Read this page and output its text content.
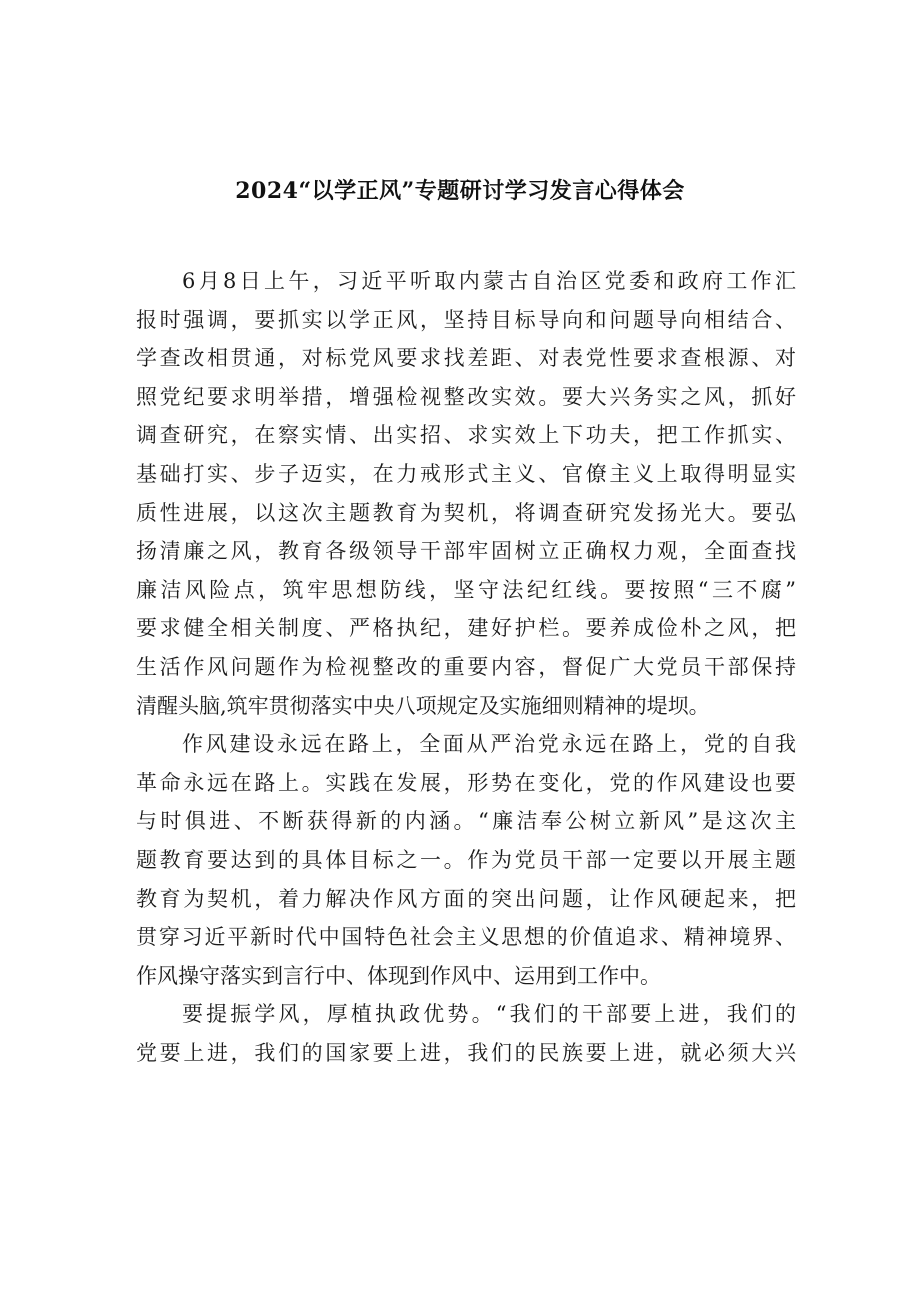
2024“以学正风”专题研讨学习发言心得体会
6月8日上午，习近平听取内蒙古自治区党委和政府工作汇
报时强调，要抓实以学正风，坚持目标导向和问题导向相结合、
学查改相贯通，对标党风要求找差距、对表党性要求查根源、对
照党纪要求明举措，增强检视整改实效。要大兴务实之风，抓好
调查研究，在察实情、出实招、求实效上下功夫，把工作抓实、
基础打实、步子迈实，在力戒形式主义、官僚主义上取得明显实
质性进展，以这次主题教育为契机，将调查研究发扬光大。要弘
扬清廉之风，教育各级领导干部牢固树立正确权力观，全面查找
廉洁风险点，筑牢思想防线，坚守法纪红线。要按照“三不腐”
要求健全相关制度、严格执纪，建好护栏。要养成俭朴之风，把
生活作风问题作为检视整改的重要内容，督促广大党员干部保持
清醒头脑,筑牢贯彻落实中央八项规定及实施细则精神的堤坝。
作风建设永远在路上，全面从严治党永远在路上，党的自我
革命永远在路上。实践在发展，形势在变化，党的作风建设也要
与时俱进、不断获得新的内涵。“廉洁奉公树立新风”是这次主
题教育要达到的具体目标之一。作为党员干部一定要以开展主题
教育为契机，着力解决作风方面的突出问题，让作风硬起来，把
贯穿习近平新时代中国特色社会主义思想的价值追求、精神境界、
作风操守落实到言行中、体现到作风中、运用到工作中。
要提振学风，厚植执政优势。“我们的干部要上进，我们的
党要上进，我们的国家要上进，我们的民族要上进，就必须大兴
